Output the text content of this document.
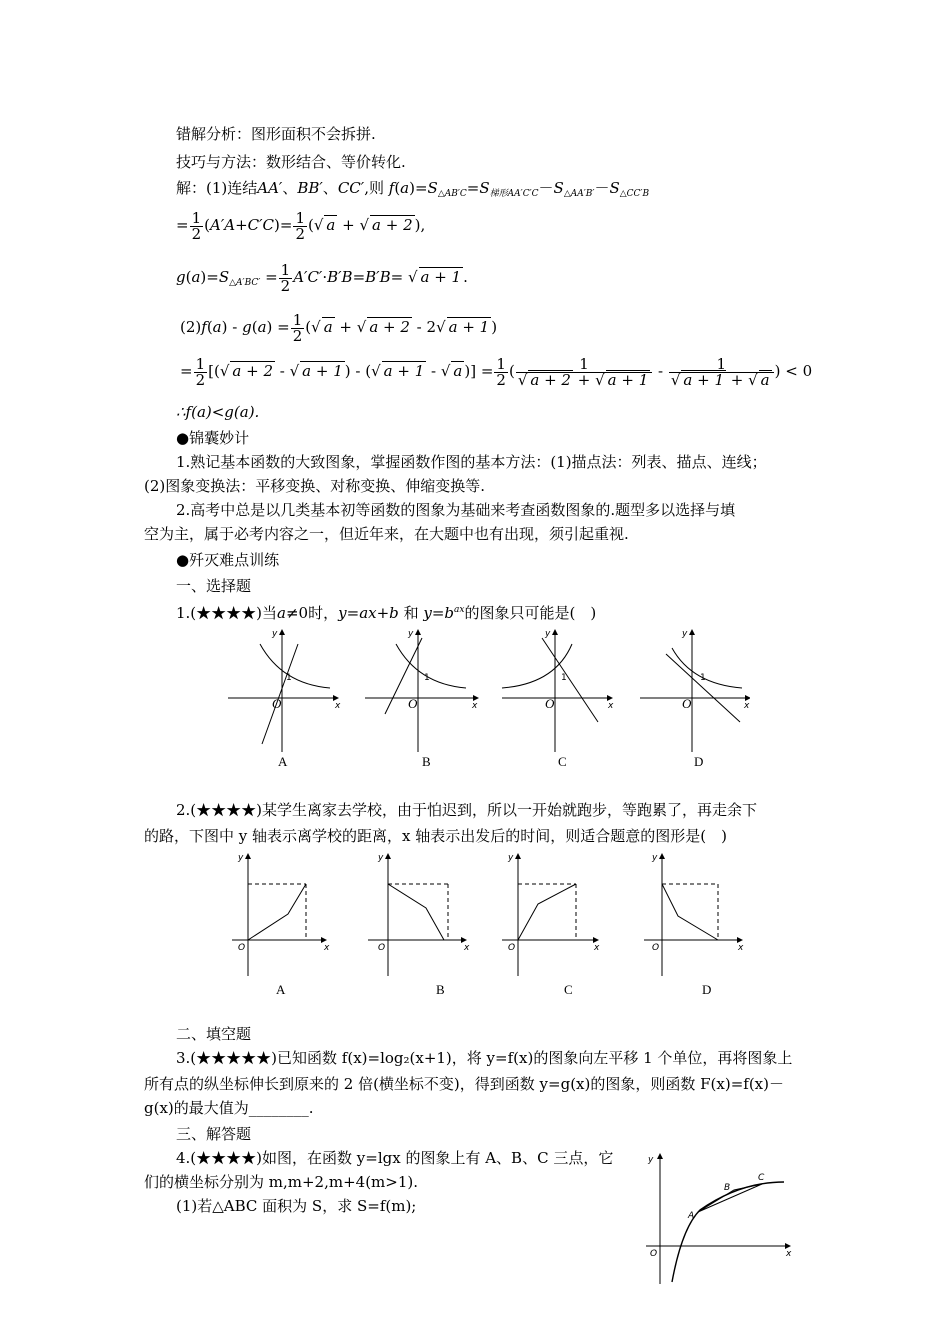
错解分析：图形面积不会拆拼.
技巧与方法：数形结合、等价转化.
解：(1)连结AA′、BB′、CC′,则 $f(a)=S_{\triangle AB'C}=S_{梯形AA'C'C}-S_{\triangle AA'B'}-S_{\triangle CC'B}$
= $\frac{1}{2} (A'A+C'C)= \frac{1}{2}$ ( √ a + √ a + 2 ),
$g(a)=S_{\triangle A'BC'} = \frac{1}{2} A'C'\cdot B'B=B'B=$ √ a + 1 .
$(2)f(a) - g(a) = \frac{1}{2}$ ( √ a + √ a + 2 - 2 √ a + 1 )
= $\frac{1}{2}$ [( √ a + 2 - √ a + 1 ) - ( √ a + 1 - √ a )] = $\frac{1}{2}$ ( 1
√ a + 2 + √ a + 1 - 1
√ a + 1 + √ a ) < 0
∴f(a)<g(a).
●锦囊妙计
1.熟记基本函数的大致图象，掌握函数作图的基本方法：(1)描点法：列表、描点、连线；
(2)图象变换法：平移变换、对称变换、伸缩变换等.
2.高考中总是以几类基本初等函数的图象为基础来考查函数图象的.题型多以选择与填
空为主，属于必考内容之一，但近年来，在大题中也有出现，须引起重视.
●歼灭难点训练
一、选择题
1.(★★★★)当a≠0时，y=ax+b 和 $y=b^{ax}$的图象只可能是(　)
O
1
x
y
A
O
1
x
y
B
O
1
x
y
C
O
1
x
y
D
2.(★★★★)某学生离家去学校，由于怕迟到，所以一开始就跑步，等跑累了，再走余下
的路，下图中 y 轴表示离学校的距离，x 轴表示出发后的时间，则适合题意的图形是(　)
O	x
y
A
O	x
y
B
O	x
y
C
O	x
y
D
二、填空题
3.(★★★★★)已知函数 f(x)=log₂(x+1)，将 y=f(x)的图象向左平移 1 个单位，再将图象上
所有点的纵坐标伸长到原来的 2 倍(横坐标不变)，得到函数 y=g(x)的图象，则函数 F(x)=f(x)－
g(x)的最大值为________.
三、解答题
4.(★★★★)如图，在函数 y=lgx 的图象上有 A、B、C 三点，它
们的横坐标分别为 m,m+2,m+4(m>1).
(1)若△ABC 面积为 S，求 S=f(m);
O	x
y
A
B
C
